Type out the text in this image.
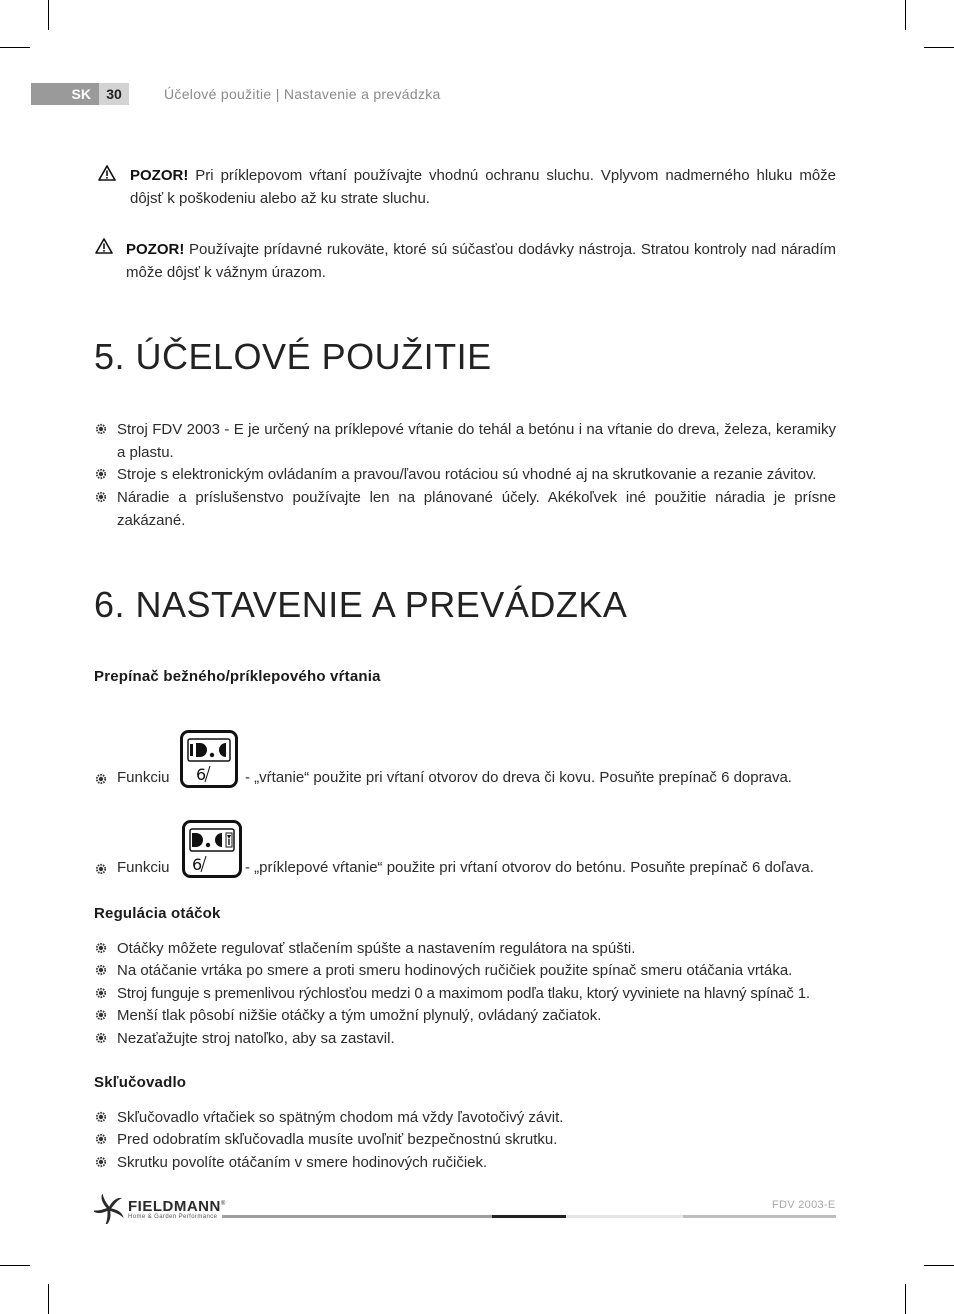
SK	30	Účelové použitie | Nastavenie a prevádzka
POZOR! Pri príklepovom vŕtaní používajte vhodnú ochranu sluchu. Vplyvom nadmerného hluku môže dôjsť k poškodeniu alebo až ku strate sluchu.
POZOR! Používajte prídavné rukoväte, ktoré sú súčasťou dodávky nástroja. Stratou kontroly nad náradím môže dôjsť k vážnym úrazom.
5. ÚČELOVÉ POUŽITIE
Stroj FDV 2003 - E je určený na príklepové vŕtanie do tehál a betónu i na vŕtanie do dreva, železa, keramiky a plastu.
Stroje s elektronickým ovládaním a pravou/ľavou rotáciou sú vhodné aj na skrutkovanie a rezanie závitov.
Náradie a príslušenstvo používajte len na plánované účely. Akékoľvek iné použitie náradia je prísne zakázané.
6. NASTAVENIE A PREVÁDZKA
Prepínač bežného/príklepového vŕtania
Funkciu 6	- „vŕtanie“ použite pri vŕtaní otvorov do dreva či kovu. Posuňte prepínač 6 doprava.
Funkciu 6	- „príklepové vŕtanie“ použite pri vŕtaní otvorov do betónu. Posuňte prepínač 6 doľava.
Regulácia otáčok
Otáčky môžete regulovať stlačením spúšte a nastavením regulátora na spúšti.
Na otáčanie vrtáka po smere a proti smeru hodinových ručičiek použite spínač smeru otáčania vrtáka.
Stroj funguje s premenlivou rýchlosťou medzi 0 a maximom podľa tlaku, ktorý vyviniete na hlavný spínač 1.
Menší tlak pôsobí nižšie otáčky a tým umožní plynulý, ovládaný začiatok.
Nezaťažujte stroj natoľko, aby sa zastavil.
Skľučovadlo
Skľučovadlo vŕtačiek so spätným chodom má vždy ľavotočivý závit.
Pred odobratím skľučovadla musíte uvoľniť bezpečnostnú skrutku.
Skrutku povolíte otáčaním v smere hodinových ručičiek.
FIELDMANN®
Home & Garden Performance
FDV 2003-E
